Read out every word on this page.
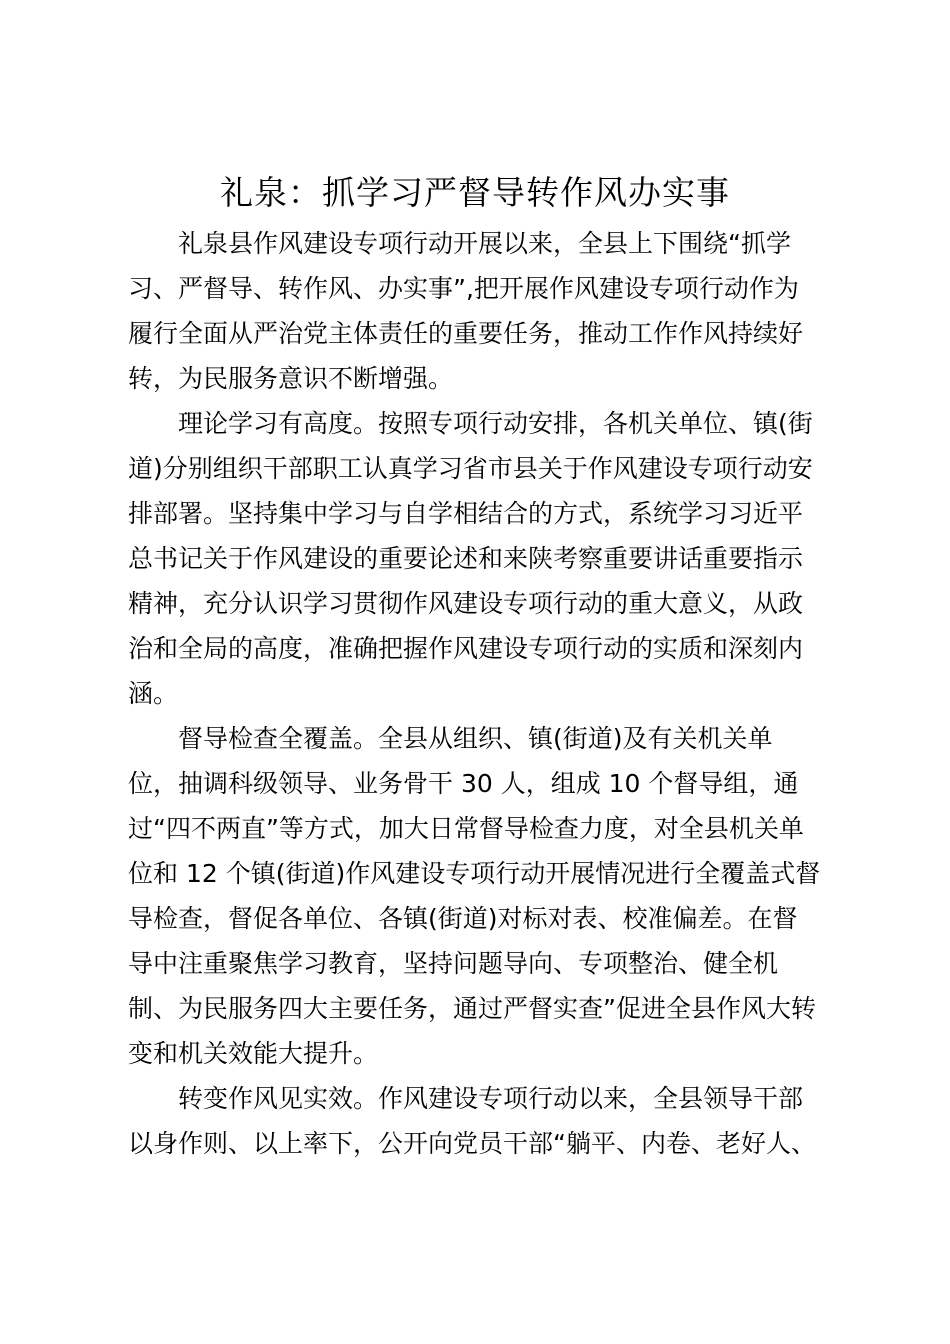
礼泉：抓学习严督导转作风办实事
礼泉县作风建设专项行动开展以来，全县上下围绕“抓学
习、严督导、转作风、办实事”,把开展作风建设专项行动作为
履行全面从严治党主体责任的重要任务，推动工作作风持续好
转，为民服务意识不断增强。
理论学习有高度。按照专项行动安排，各机关单位、镇(街
道)分别组织干部职工认真学习省市县关于作风建设专项行动安
排部署。坚持集中学习与自学相结合的方式，系统学习习近平
总书记关于作风建设的重要论述和来陕考察重要讲话重要指示
精神，充分认识学习贯彻作风建设专项行动的重大意义，从政
治和全局的高度，准确把握作风建设专项行动的实质和深刻内
涵。
督导检查全覆盖。全县从组织、镇(街道)及有关机关单
位，抽调科级领导、业务骨干 30 人，组成 10 个督导组，通
过“四不两直”等方式，加大日常督导检查力度，对全县机关单
位和 12 个镇(街道)作风建设专项行动开展情况进行全覆盖式督
导检查，督促各单位、各镇(街道)对标对表、校准偏差。在督
导中注重聚焦学习教育，坚持问题导向、专项整治、健全机
制、为民服务四大主要任务，通过严督实查”促进全县作风大转
变和机关效能大提升。
转变作风见实效。作风建设专项行动以来，全县领导干部
以身作则、以上率下，公开向党员干部“躺平、内卷、老好人、
